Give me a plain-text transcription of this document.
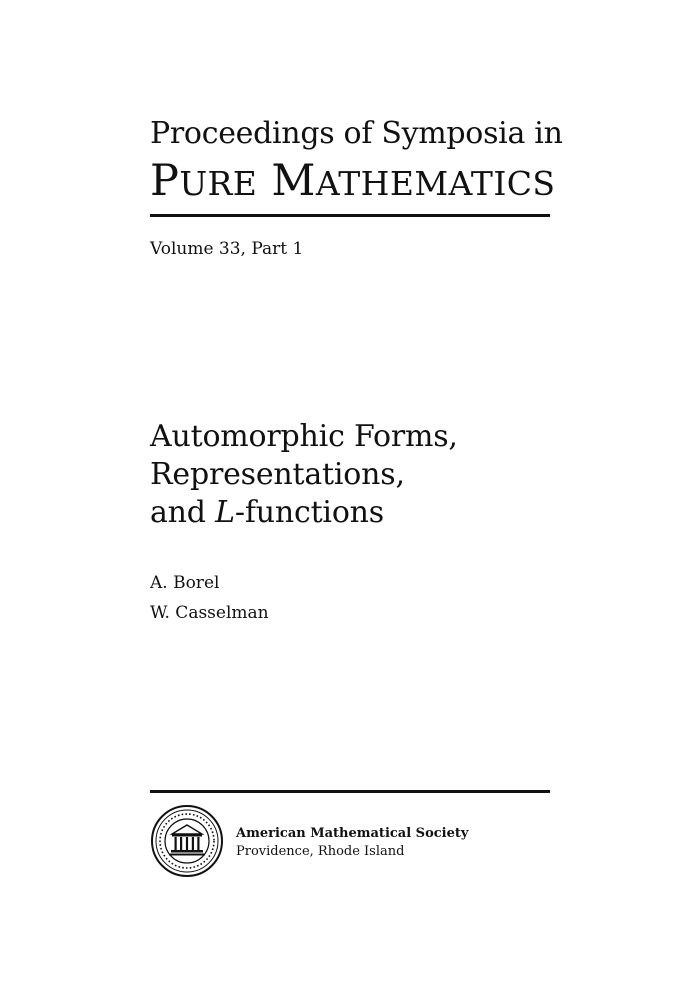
Proceedings of Symposia in
PURE MATHEMATICS
Volume 33, Part 1
Automorphic Forms,
Representations,
and L-functions
A. Borel
W. Casselman
American Mathematical Society
Providence, Rhode Island
